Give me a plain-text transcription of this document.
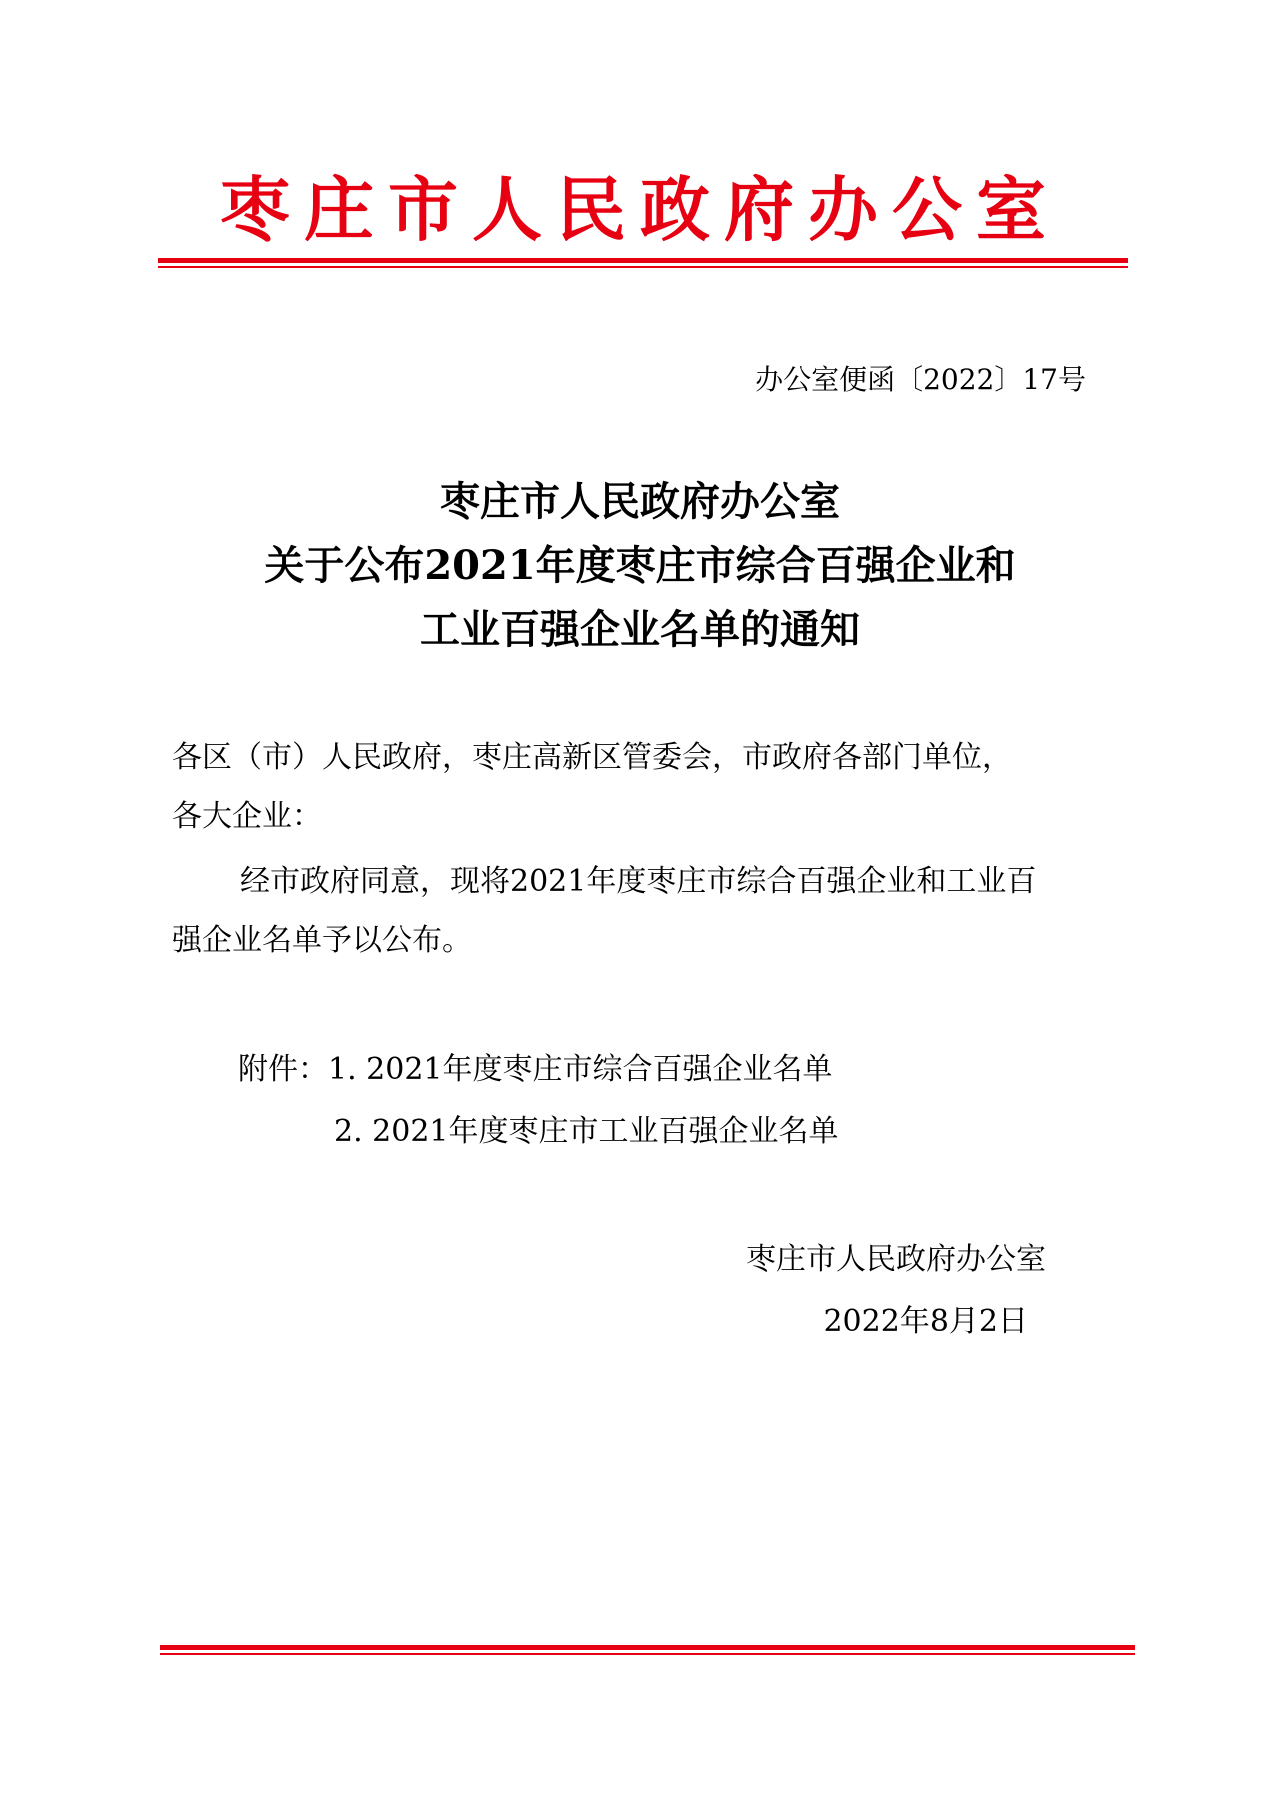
枣庄市人民政府办公室
办公室便函〔2022〕17号
枣庄市人民政府办公室
关于公布2021年度枣庄市综合百强企业和
工业百强企业名单的通知
各区（市）人民政府，枣庄高新区管委会，市政府各部门单位，
各大企业：
经市政府同意，现将2021年度枣庄市综合百强企业和工业百
强企业名单予以公布。
附件：1. 2021年度枣庄市综合百强企业名单
2. 2021年度枣庄市工业百强企业名单
枣庄市人民政府办公室
2022年8月2日
